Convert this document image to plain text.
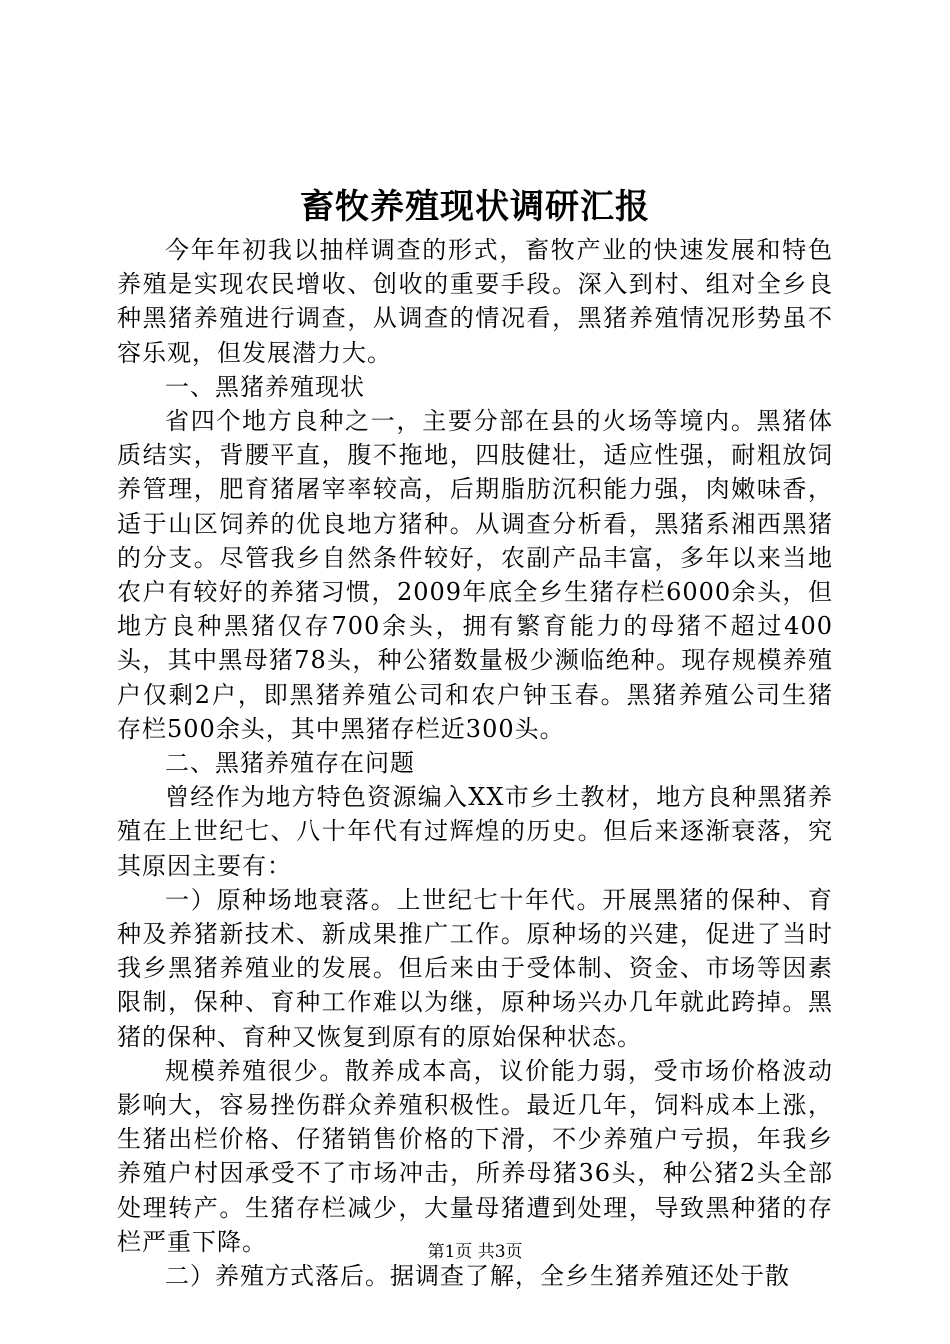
畜牧养殖现状调研汇报

今年年初我以抽样调查的形式，畜牧产业的快速发展和特色养殖是实现农民增收、创收的重要手段。深入到村、组对全乡良种黑猪养殖进行调查，从调查的情况看，黑猪养殖情况形势虽不容乐观，但发展潜力大。

一、黑猪养殖现状

省四个地方良种之一，主要分部在县的火场等境内。黑猪体质结实，背腰平直，腹不拖地，四肢健壮，适应性强，耐粗放饲养管理，肥育猪屠宰率较高，后期脂肪沉积能力强，肉嫩味香，适于山区饲养的优良地方猪种。从调查分析看，黑猪系湘西黑猪的分支。尽管我乡自然条件较好，农副产品丰富，多年以来当地农户有较好的养猪习惯，2009年底全乡生猪存栏6000余头，但地方良种黑猪仅存700余头，拥有繁育能力的母猪不超过400头，其中黑母猪78头，种公猪数量极少濒临绝种。现存规模养殖户仅剩2户，即黑猪养殖公司和农户钟玉春。黑猪养殖公司生猪存栏500余头，其中黑猪存栏近300头。

二、黑猪养殖存在问题

曾经作为地方特色资源编入XX市乡土教材，地方良种黑猪养殖在上世纪七、八十年代有过辉煌的历史。但后来逐渐衰落，究其原因主要有：

一）原种场地衰落。上世纪七十年代。开展黑猪的保种、育种及养猪新技术、新成果推广工作。原种场的兴建，促进了当时我乡黑猪养殖业的发展。但后来由于受体制、资金、市场等因素限制，保种、育种工作难以为继，原种场兴办几年就此跨掉。黑猪的保种、育种又恢复到原有的原始保种状态。

规模养殖很少。散养成本高，议价能力弱，受市场价格波动影响大，容易挫伤群众养殖积极性。最近几年，饲料成本上涨，生猪出栏价格、仔猪销售价格的下滑，不少养殖户亏损，年我乡养殖户村因承受不了市场冲击，所养母猪36头，种公猪2头全部处理转产。生猪存栏减少，大量母猪遭到处理，导致黑种猪的存栏严重下降。

二）养殖方式落后。据调查了解，全乡生猪养殖还处于散

第1页 共3页
